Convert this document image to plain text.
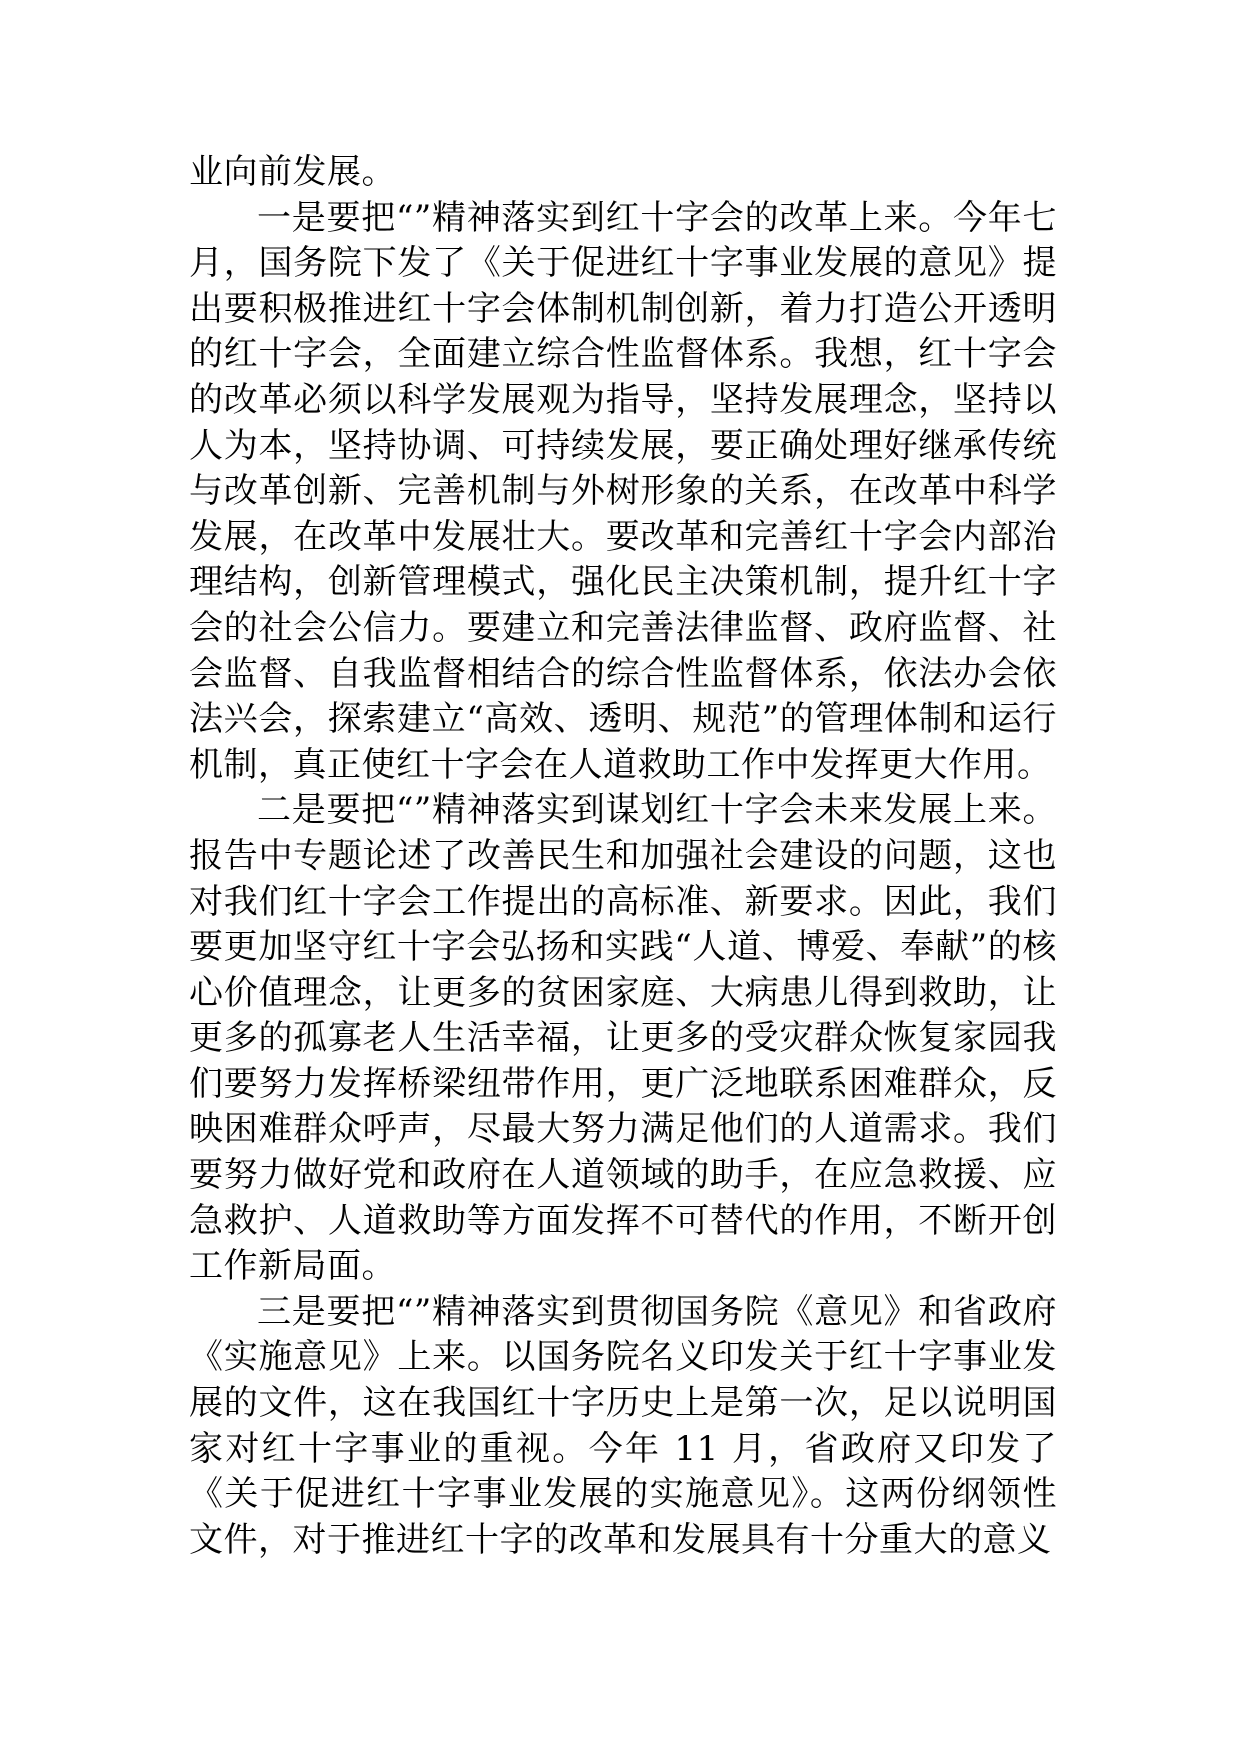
业向前发展。

一是要把“”精神落实到红十字会的改革上来。今年七月，国务院下发了《关于促进红十字事业发展的意见》提出要积极推进红十字会体制机制创新，着力打造公开透明的红十字会，全面建立综合性监督体系。我想，红十字会的改革必须以科学发展观为指导，坚持发展理念，坚持以人为本，坚持协调、可持续发展，要正确处理好继承传统与改革创新、完善机制与外树形象的关系，在改革中科学发展，在改革中发展壮大。要改革和完善红十字会内部治理结构，创新管理模式，强化民主决策机制，提升红十字会的社会公信力。要建立和完善法律监督、政府监督、社会监督、自我监督相结合的综合性监督体系，依法办会依法兴会，探索建立“高效、透明、规范”的管理体制和运行机制，真正使红十字会在人道救助工作中发挥更大作用。

二是要把“”精神落实到谋划红十字会未来发展上来。报告中专题论述了改善民生和加强社会建设的问题，这也对我们红十字会工作提出的高标准、新要求。因此，我们要更加坚守红十字会弘扬和实践“人道、博爱、奉献”的核心价值理念，让更多的贫困家庭、大病患儿得到救助，让更多的孤寡老人生活幸福，让更多的受灾群众恢复家园我们要努力发挥桥梁纽带作用，更广泛地联系困难群众，反映困难群众呼声，尽最大努力满足他们的人道需求。我们要努力做好党和政府在人道领域的助手，在应急救援、应急救护、人道救助等方面发挥不可替代的作用，不断开创工作新局面。

三是要把“”精神落实到贯彻国务院《意见》和省政府《实施意见》上来。以国务院名义印发关于红十字事业发展的文件，这在我国红十字历史上是第一次，足以说明国家对红十字事业的重视。今年 11 月，省政府又印发了《关于促进红十字事业发展的实施意见》。这两份纲领性文件，对于推进红十字的改革和发展具有十分重大的意义
